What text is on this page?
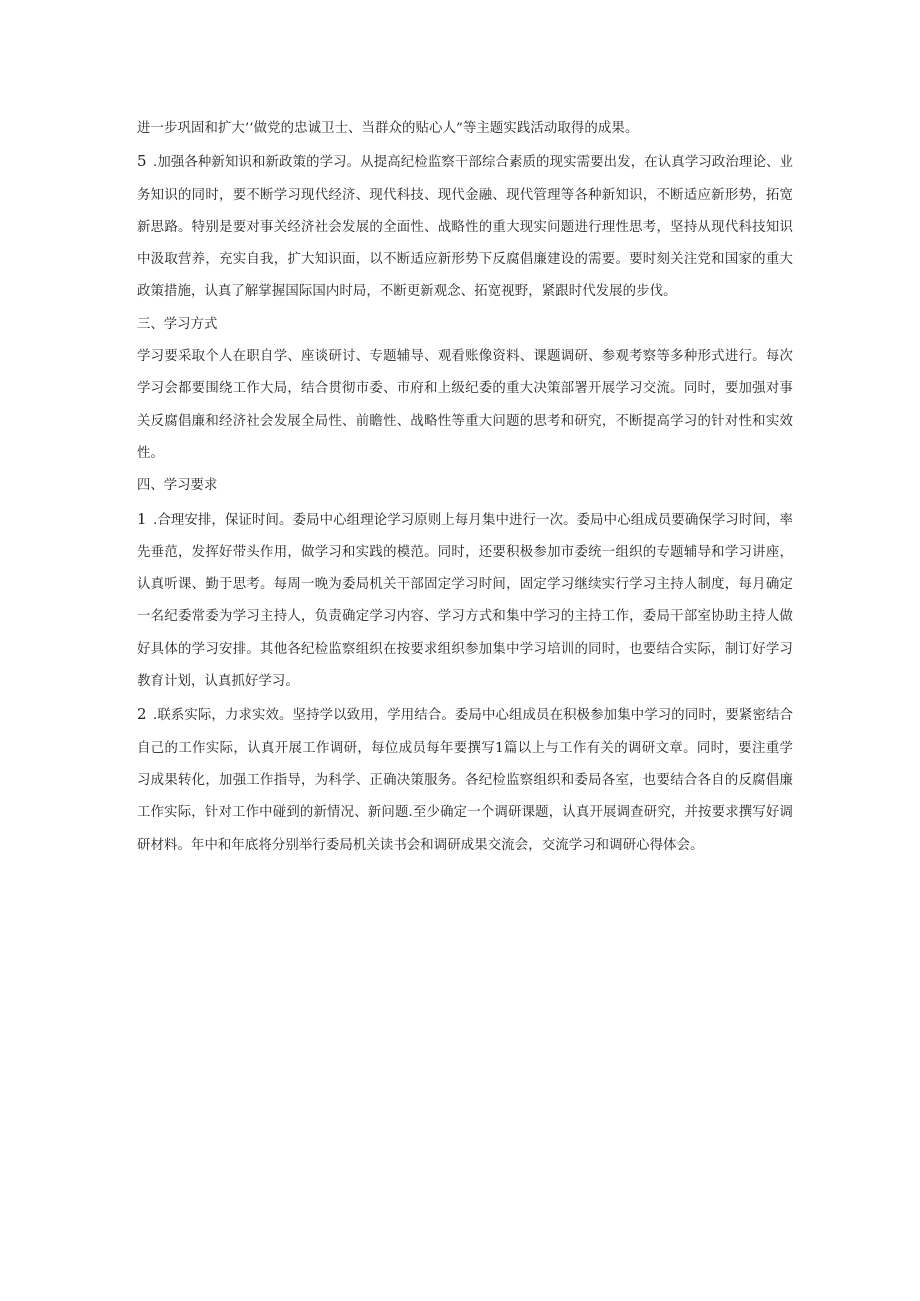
进一步巩固和扩大’’做党的忠诚卫士、当群众的贴心人”等主题实践活动取得的成果。

5 .加强各种新知识和新政策的学习。从提高纪检监察干部综合素质的现实需要出发，在认真学习政治理论、业务知识的同时，要不断学习现代经济、现代科技、现代金融、现代管理等各种新知识，不断适应新形势，拓宽新思路。特别是要对事关经济社会发展的全面性、战略性的重大现实问题进行理性思考，坚持从现代科技知识中汲取营养，充实自我，扩大知识面，以不断适应新形势下反腐倡廉建设的需要。要时刻关注党和国家的重大政策措施，认真了解掌握国际国内时局，不断更新观念、拓宽视野，紧跟时代发展的步伐。

三、学习方式

学习要采取个人在职自学、座谈研讨、专题辅导、观看账像资料、课题调研、参观考察等多种形式进行。每次学习会都要围绕工作大局，结合贯彻市委、市府和上级纪委的重大决策部署开展学习交流。同时，要加强对事关反腐倡廉和经济社会发展全局性、前瞻性、战略性等重大问题的思考和研究，不断提高学习的针对性和实效性。

四、学习要求

1 .合理安排，保证时间。委局中心组理论学习原则上每月集中进行一次。委局中心组成员要确保学习时间，率先垂范，发挥好带头作用，做学习和实践的模范。同时，还要积极参加市委统一组织的专题辅导和学习讲座，认真听课、勤于思考。每周一晚为委局机关干部固定学习时间，固定学习继续实行学习主持人制度，每月确定一名纪委常委为学习主持人，负责确定学习内容、学习方式和集中学习的主持工作，委局干部室协助主持人做好具体的学习安排。其他各纪检监察组织在按要求组织参加集中学习培训的同时，也要结合实际，制订好学习教育计划，认真抓好学习。

2 .联系实际，力求实效。坚持学以致用，学用结合。委局中心组成员在积极参加集中学习的同时，要紧密结合自己的工作实际，认真开展工作调研，每位成员每年要撰写1篇以上与工作有关的调研文章。同时，要注重学习成果转化，加强工作指导，为科学、正确决策服务。各纪检监察组织和委局各室，也要结合各自的反腐倡廉工作实际，针对工作中碰到的新情况、新问题.至少确定一个调研课题，认真开展调查研究，并按要求撰写好调研材料。年中和年底将分别举行委局机关读书会和调研成果交流会，交流学习和调研心得体会。
